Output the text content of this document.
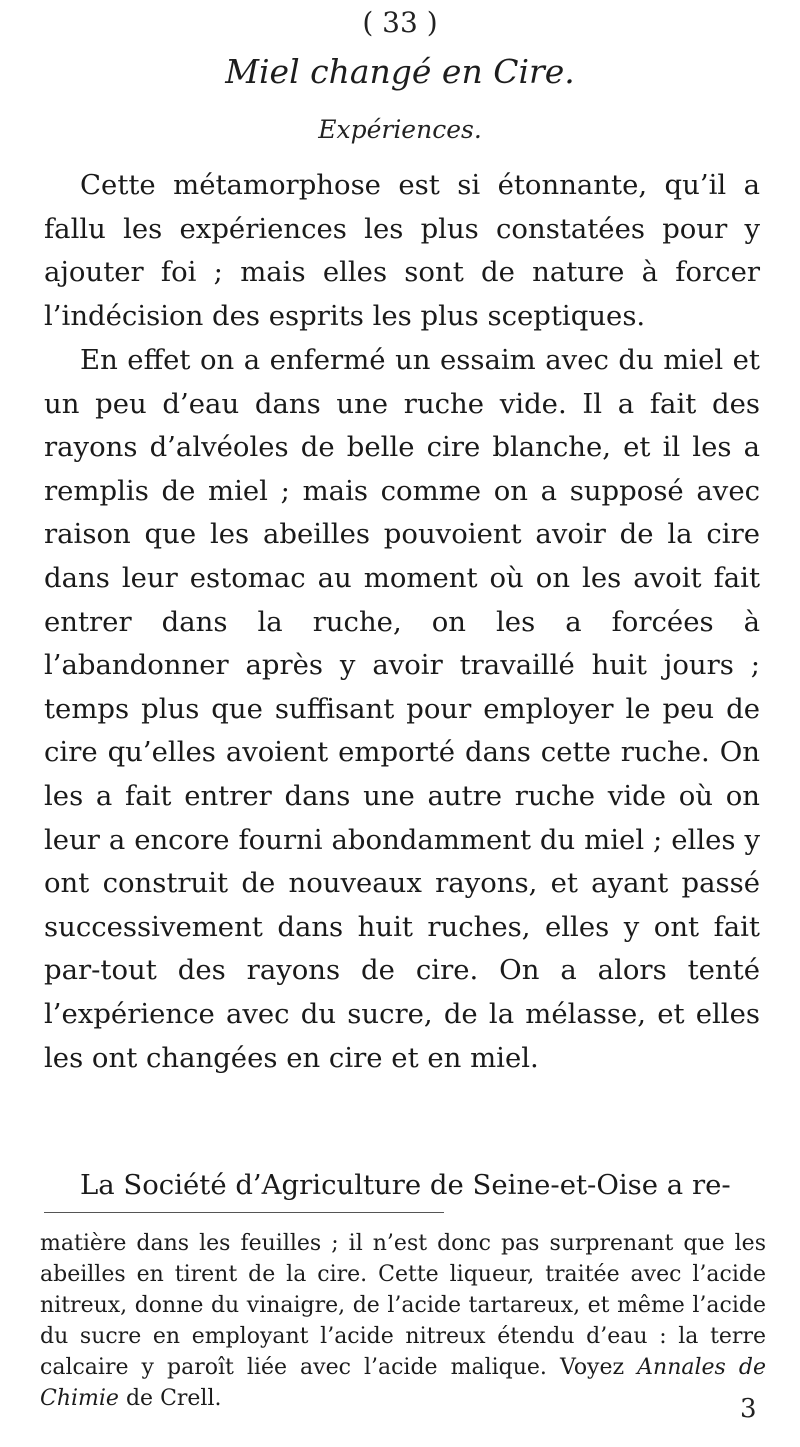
( 33 )
Miel changé en Cire.
Expériences.

Cette métamorphose est si étonnante, qu’il a fallu les expériences les plus constatées pour y ajouter foi ; mais elles sont de nature à forcer l’indécision des esprits les plus sceptiques.

En effet on a enfermé un essaim avec du miel et un peu d’eau dans une ruche vide. Il a fait des rayons d’alvéoles de belle cire blanche, et il les a remplis de miel ; mais comme on a supposé avec raison que les abeilles pouvoient avoir de la cire dans leur estomac au moment où on les avoit fait entrer dans la ruche, on les a forcées à l’abandonner après y avoir travaillé huit jours ; temps plus que suffisant pour employer le peu de cire qu’elles avoient emporté dans cette ruche. On les a fait entrer dans une autre ruche vide où on leur a encore fourni abondamment du miel ; elles y ont construit de nouveaux rayons, et ayant passé successivement dans huit ruches, elles y ont fait par-tout des rayons de cire. On a alors tenté l’expérience avec du sucre, de la mélasse, et elles les ont changées en cire et en miel.

La Société d’Agriculture de Seine-et-Oise a re-

matière dans les feuilles ; il n’est donc pas surprenant que les abeilles en tirent de la cire. Cette liqueur, traitée avec l’acide nitreux, donne du vinaigre, de l’acide tartareux, et même l’acide du sucre en employant l’acide nitreux étendu d’eau : la terre calcaire y paroît liée avec l’acide malique. Voyez Annales de Chimie de Crell.	3
